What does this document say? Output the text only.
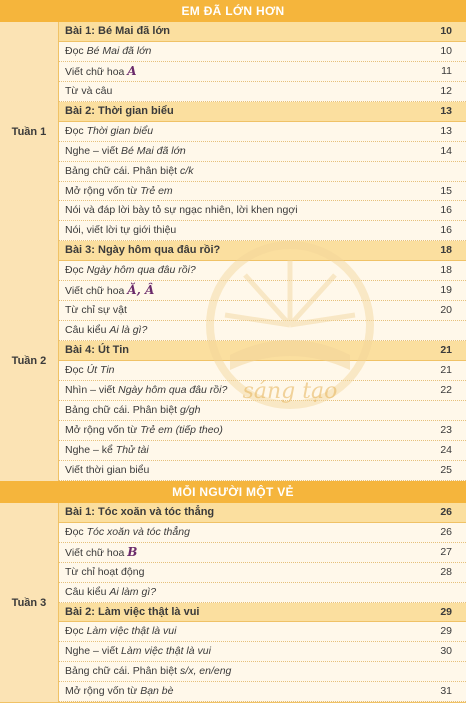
EM ĐÃ LỚN HƠN
Tuần 1
Bài 1: Bé Mai đã lớn	10
Đọc Bé Mai đã lớn	10
Viết chữ hoa A	11
Từ và câu	12
Bài 2: Thời gian biểu	13
Đọc Thời gian biểu	13
Nghe – viết Bé Mai đã lớn	14
Bảng chữ cái. Phân biệt c/k
Mở rộng vốn từ Trẻ em	15
Nói và đáp lời bày tỏ sự ngạc nhiên, lời khen ngợi	16
Nói, viết lời tự giới thiệu	16
Tuần 2
Bài 3: Ngày hôm qua đâu rồi?	18
Đọc Ngày hôm qua đâu rồi?	18
Viết chữ hoa Ă, Â	19
Từ chỉ sự vật	20
Câu kiểu Ai là gì?
Bài 4: Út Tin	21
Đọc Út Tin	21
Nhìn – viết Ngày hôm qua đâu rồi?	22
Bảng chữ cái. Phân biệt g/gh
Mở rộng vốn từ Trẻ em (tiếp theo)	23
Nghe – kể Thử tài	24
Viết thời gian biểu	25
MỖI NGƯỜI MỘT VẺ
Tuần 3
Bài 1: Tóc xoăn và tóc thẳng	26
Đọc Tóc xoăn và tóc thẳng	26
Viết chữ hoa B	27
Từ chỉ hoạt động	28
Câu kiểu Ai làm gì?
Bài 2: Làm việc thật là vui	29
Đọc Làm việc thật là vui	29
Nghe – viết Làm việc thật là vui	30
Bảng chữ cái. Phân biệt s/x, en/eng
Mở rộng vốn từ Bạn bè	31
sáng tạo
